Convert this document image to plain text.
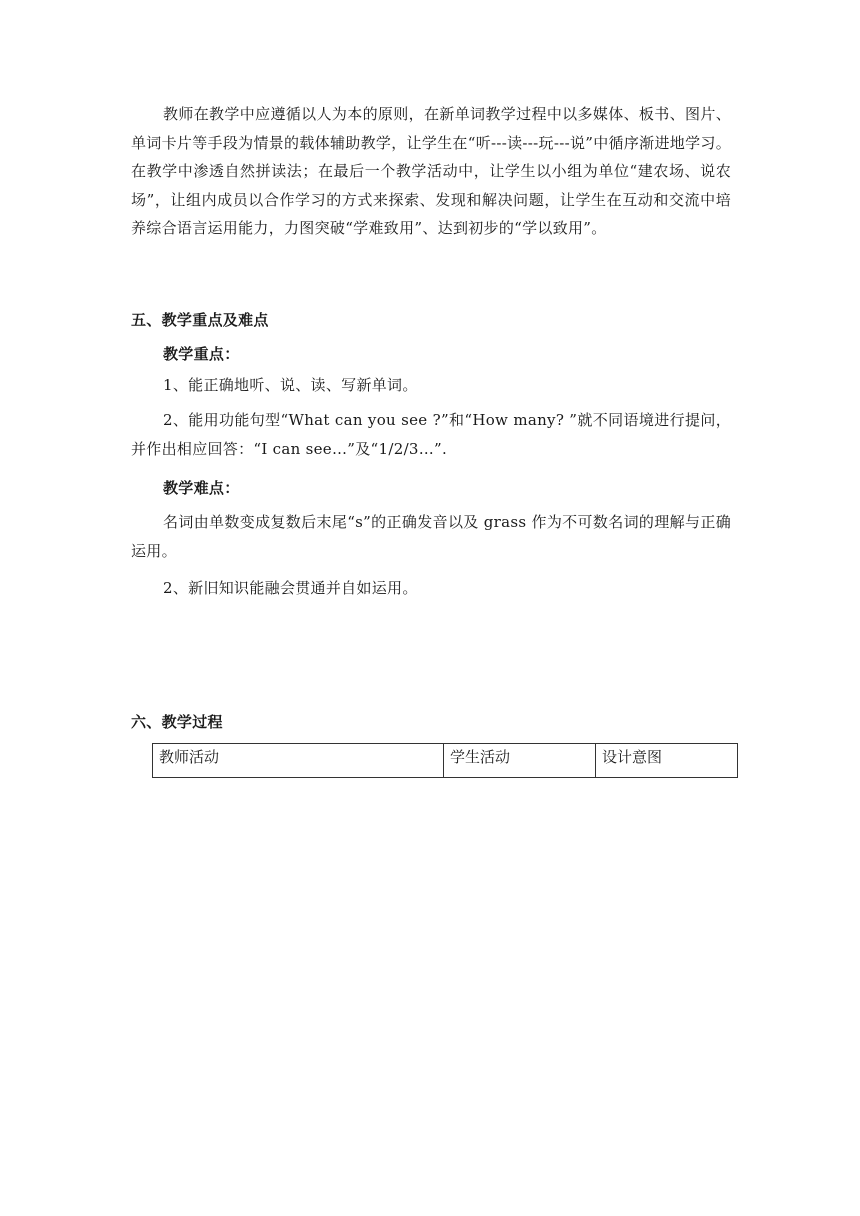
教师在教学中应遵循以人为本的原则，在新单词教学过程中以多媒体、板书、图片、单词卡片等手段为情景的载体辅助教学，让学生在“听---读---玩---说”中循序渐进地学习。在教学中渗透自然拼读法；在最后一个教学活动中，让学生以小组为单位“建农场、说农场”，让组内成员以合作学习的方式来探索、发现和解决问题，让学生在互动和交流中培养综合语言运用能力，力图突破“学难致用”、达到初步的“学以致用”。

五、教学重点及难点

教学重点：

1、能正确地听、说、读、写新单词。

2、能用功能句型“What can you see ?”和“How many? ”就不同语境进行提问，并作出相应回答：“I can see…”及“1/2/3…”.

教学难点：

名词由单数变成复数后末尾“s”的正确发音以及 grass 作为不可数名词的理解与正确运用。

2、新旧知识能融会贯通并自如运用。

六、教学过程

教师活动	学生活动	设计意图
